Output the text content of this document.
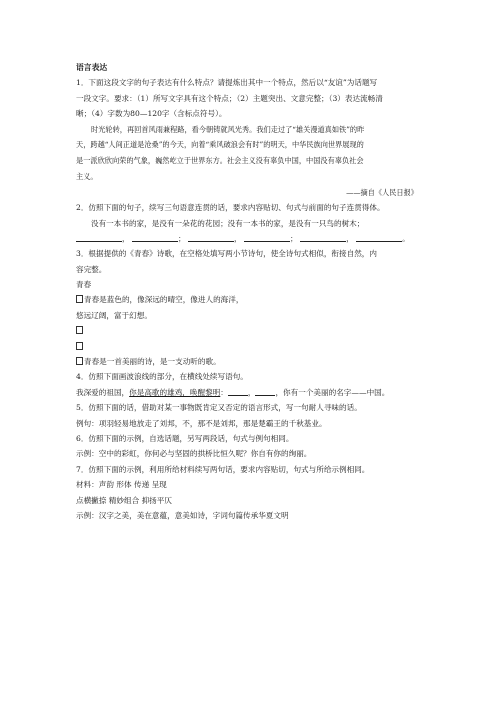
语言表达
1．下面这段文字的句子表达有什么特点？请提炼出其中一个特点，然后以“友谊”为话题写
一段文字。要求：（1）所写文字具有这个特点；（2）主题突出、文意完整；（3）表达流畅清
晰；（4）字数为80—120字（含标点符号）。
时光轮转，再回首风雨兼程路，看今朝铸就风光秀。我们走过了“雄关漫道真如铁”的昨
天，跨越“人间正道是沧桑”的今天，向着“乘风破浪会有时”的明天，中华民族向世界展现的
是一派欣欣向荣的气象，巍然屹立于世界东方。社会主义没有辜负中国，中国没有辜负社会
主义。
——摘自《人民日报》
2．仿照下面的句子，续写三句语意连贯的话，要求内容贴切、句式与前面的句子连贯得体。
没有一本书的家，是没有一朵花的花园；没有一本书的家，是没有一只鸟的树木；
，	；	，	；	，	。
3．根据提供的《青春》诗歌，在空格处填写两小节诗句，使全诗句式相似，衔接自然，内
容完整。
青春
青春是蓝色的，像深远的晴空，像进人的海洋，
悠远辽阔，富于幻想。
青春是一首美丽的诗，是一支动听的歌。
4．仿照下面画波浪线的部分，在横线处续写语句。
我深爱的祖国，你是高歌的雄鸡，唤醒黎明：	，	，你有一个美丽的名字——中国。
5．仿照下面的话，借助对某一事物既肯定又否定的语言形式，写一句耐人寻味的话。
例句：项羽轻易地放走了刘邦，不，那不是刘邦，那是楚霸王的千秋基业。
6．仿照下面的示例，自选话题，另写两段话，句式与例句相同。
示例：空中的彩虹，你何必与坚固的拱桥比恒久呢？你自有你的绚丽。
7．仿照下面的示例，利用所给材料续写两句话，要求内容贴切，句式与所给示例相同。
材料：声韵 形体 传递 呈现
点横撇捺 精妙组合 抑扬平仄
示例：汉字之美，美在意蕴，意美如诗，字词句篇传承华夏文明
